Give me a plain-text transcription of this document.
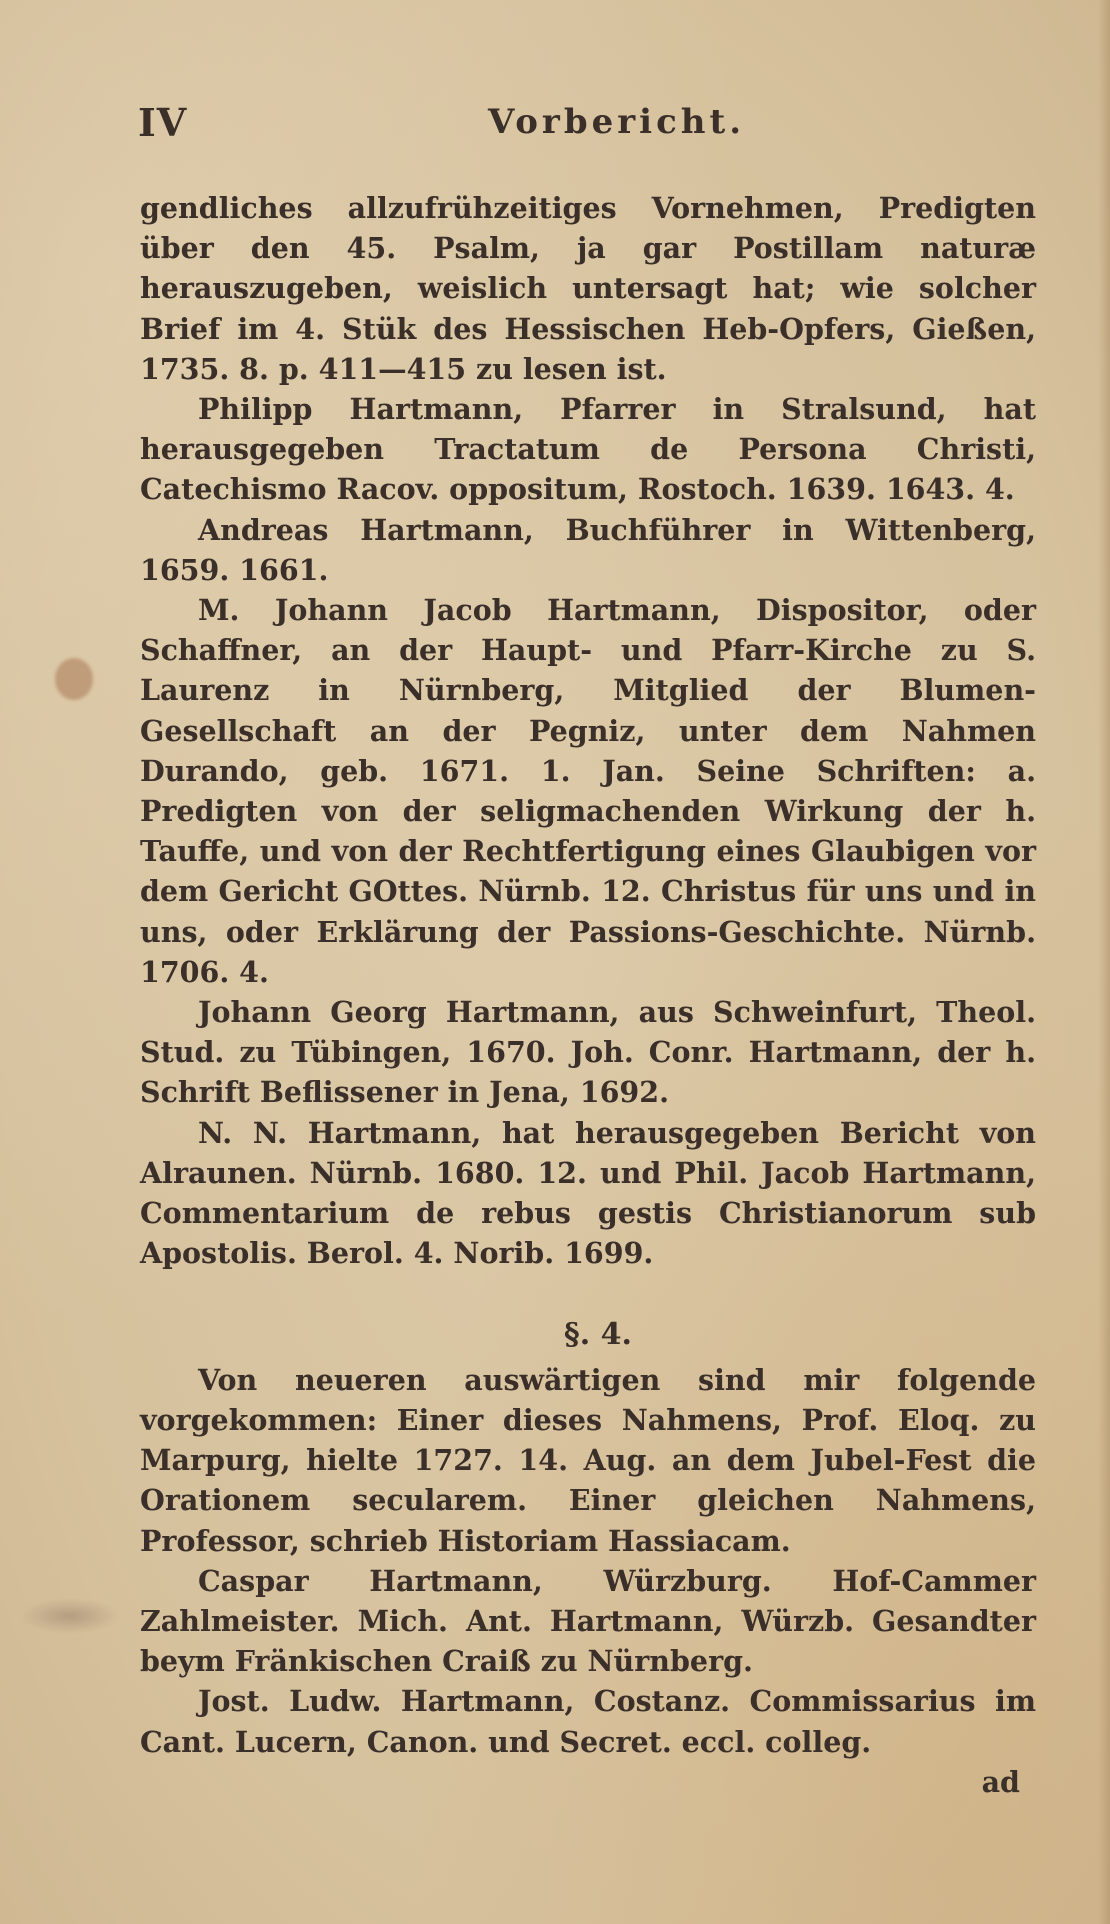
IV	Vorbericht.

gendliches allzufrühzeitiges Vornehmen, Predigten über den 45. Psalm, ja gar Postillam naturæ herauszugeben, weislich untersagt hat; wie solcher Brief im 4. Stük des Hessischen Heb-Opfers, Gießen, 1735. 8. p. 411—415 zu lesen ist.

Philipp Hartmann, Pfarrer in Stralsund, hat herausgegeben Tractatum de Persona Christi, Catechismo Racov. oppositum, Rostoch. 1639. 1643. 4.

Andreas Hartmann, Buchführer in Wittenberg, 1659. 1661.

M. Johann Jacob Hartmann, Dispositor, oder Schaffner, an der Haupt- und Pfarr-Kirche zu S. Laurenz in Nürnberg, Mitglied der Blumen-Gesellschaft an der Pegniz, unter dem Nahmen Durando, geb. 1671. 1. Jan. Seine Schriften: a. Predigten von der seligmachenden Wirkung der h. Tauffe, und von der Rechtfertigung eines Glaubigen vor dem Gericht GOttes. Nürnb. 12. Christus für uns und in uns, oder Erklärung der Passions-Geschichte. Nürnb. 1706. 4.

Johann Georg Hartmann, aus Schweinfurt, Theol. Stud. zu Tübingen, 1670. Joh. Conr. Hartmann, der h. Schrift Beflissener in Jena, 1692.

N. N. Hartmann, hat herausgegeben Bericht von Alraunen. Nürnb. 1680. 12. und Phil. Jacob Hartmann, Commentarium de rebus gestis Christianorum sub Apostolis. Berol. 4. Norib. 1699.

§. 4.

Von neueren auswärtigen sind mir folgende vorgekommen: Einer dieses Nahmens, Prof. Eloq. zu Marpurg, hielte 1727. 14. Aug. an dem Jubel-Fest die Orationem secularem. Einer gleichen Nahmens, Professor, schrieb Historiam Hassiacam.

Caspar Hartmann, Würzburg. Hof-Cammer Zahlmeister. Mich. Ant. Hartmann, Würzb. Gesandter beym Fränkischen Craiß zu Nürnberg.

Jost. Ludw. Hartmann, Costanz. Commissarius im Cant. Lucern, Canon. und Secret. eccl. colleg.

ad
